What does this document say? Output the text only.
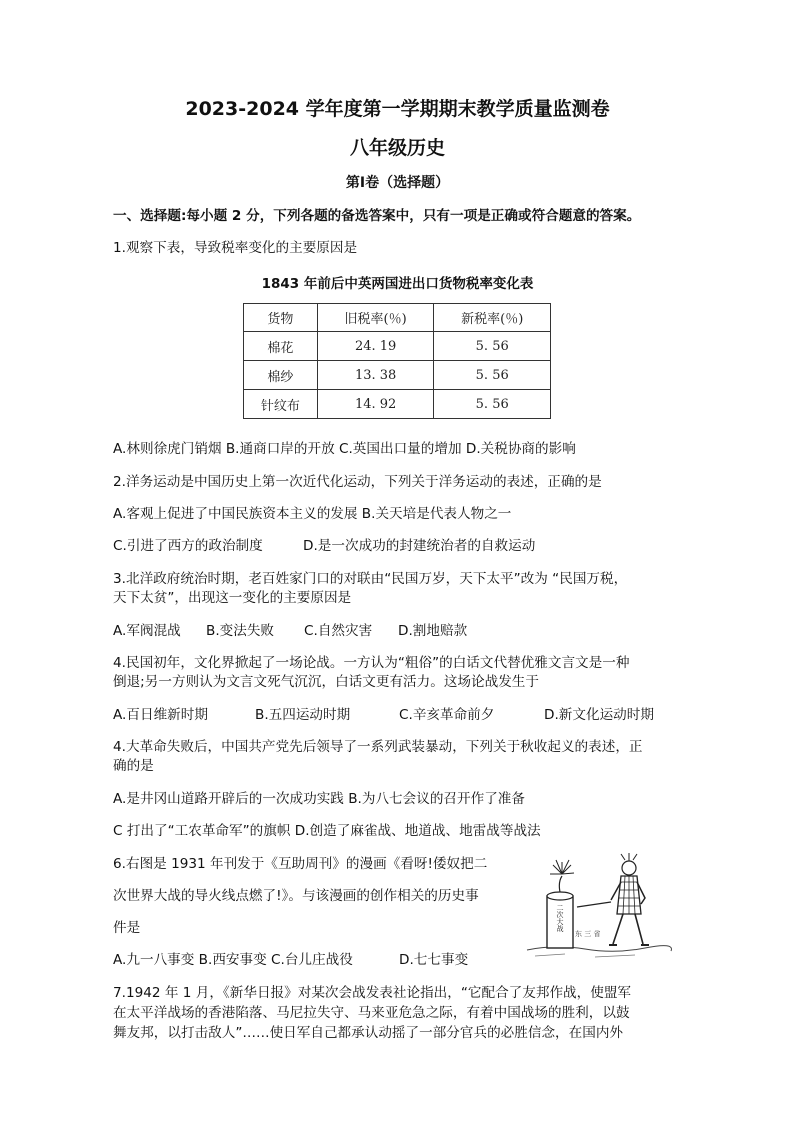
2023-2024 学年度第一学期期末教学质量监测卷
八年级历史
第Ⅰ卷（选择题）
一、选择题:每小题 2 分，下列各题的备选答案中，只有一项是正确或符合题意的答案。
1.观察下表，导致税率变化的主要原因是
1843 年前后中英两国进出口货物税率变化表
货物	旧税率(％)	新税率(％)
棉花	24. 19	5. 56
棉纱	13. 38	5. 56
针纹布	14. 92	5. 56
A.林则徐虎门销烟 B.通商口岸的开放 C.英国出口量的增加 D.关税协商的影响
2.洋务运动是中国历史上第一次近代化运动，下列关于洋务运动的表述，正确的是
A.客观上促进了中国民族资本主义的发展 B.关天培是代表人物之一
C.引进了西方的政治制度	D.是一次成功的封建统治者的自救运动
3.北洋政府统治时期，老百姓家门口的对联由“民国万岁，天下太平”改为 “民国万税，
天下太贫”，出现这一变化的主要原因是
A.军阀混战 B.变法失败 C.自然灾害 D.割地赔款
4.民国初年，文化界掀起了一场论战。一方认为“粗俗”的白话文代替优雅文言文是一种
倒退;另一方则认为文言文死气沉沉，白话文更有活力。这场论战发生于
A.百日维新时期	B.五四运动时期	C.辛亥革命前夕	D.新文化运动时期
4.大革命失败后，中国共产党先后领导了一系列武装暴动，下列关于秋收起义的表述，正
确的是
A.是井冈山道路开辟后的一次成功实践 B.为八七会议的召开作了准备
C 打出了“工农革命军”的旗帜 D.创造了麻雀战、地道战、地雷战等战法
6.右图是 1931 年刊发于《互助周刊》的漫画《看呀!倭奴把二
次世界大战的导火线点燃了!》。与该漫画的创作相关的历史事
件是
A.九一八事变 B.西安事变 C.台儿庄战役	D.七七事变
二次大战
东 三 省
7.1942 年 1 月，《新华日报》对某次会战发表社论指出，“它配合了友邦作战，使盟军
在太平洋战场的香港陷落、马尼拉失守、马来亚危急之际，有着中国战场的胜利，以鼓
舞友邦，以打击敌人”……使日军自己都承认动摇了一部分官兵的必胜信念，在国内外
